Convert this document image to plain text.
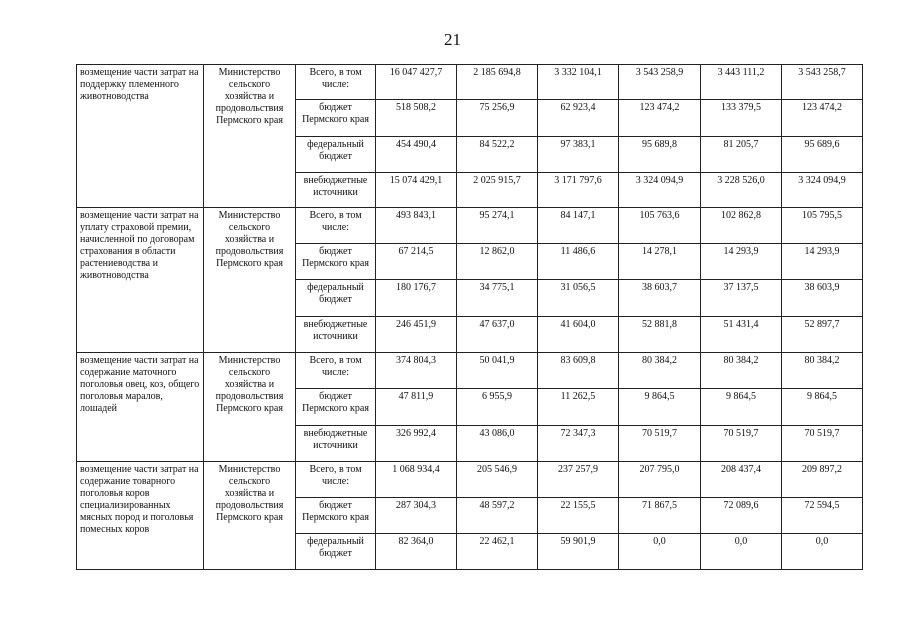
21
возмещение части затрат на поддержку племенного животноводства	Министерство сельского хозяйства и продовольствия Пермского края	Всего, в том числе:	16 047 427,7	2 185 694,8	3 332 104,1	3 543 258,9	3 443 111,2	3 543 258,7
		бюджет Пермского края	518 508,2	75 256,9	62 923,4	123 474,2	133 379,5	123 474,2
		федеральный бюджет	454 490,4	84 522,2	97 383,1	95 689,8	81 205,7	95 689,6
		внебюджетные источники	15 074 429,1	2 025 915,7	3 171 797,6	3 324 094,9	3 228 526,0	3 324 094,9
возмещение части затрат на уплату страховой премии, начисленной по договорам страхования в области растениеводства и животноводства	Министерство сельского хозяйства и продовольствия Пермского края	Всего, в том числе:	493 843,1	95 274,1	84 147,1	105 763,6	102 862,8	105 795,5
		бюджет Пермского края	67 214,5	12 862,0	11 486,6	14 278,1	14 293,9	14 293,9
		федеральный бюджет	180 176,7	34 775,1	31 056,5	38 603,7	37 137,5	38 603,9
		внебюджетные источники	246 451,9	47 637,0	41 604,0	52 881,8	51 431,4	52 897,7
возмещение части затрат на содержание маточного поголовья овец, коз, общего поголовья маралов, лошадей	Министерство сельского хозяйства и продовольствия Пермского края	Всего, в том числе:	374 804,3	50 041,9	83 609,8	80 384,2	80 384,2	80 384,2
		бюджет Пермского края	47 811,9	6 955,9	11 262,5	9 864,5	9 864,5	9 864,5
		внебюджетные источники	326 992,4	43 086,0	72 347,3	70 519,7	70 519,7	70 519,7
возмещение части затрат на содержание товарного поголовья коров специализированных мясных пород и поголовья помесных коров	Министерство сельского хозяйства и продовольствия Пермского края	Всего, в том числе:	1 068 934,4	205 546,9	237 257,9	207 795,0	208 437,4	209 897,2
		бюджет Пермского края	287 304,3	48 597,2	22 155,5	71 867,5	72 089,6	72 594,5
		федеральный бюджет	82 364,0	22 462,1	59 901,9	0,0	0,0	0,0
